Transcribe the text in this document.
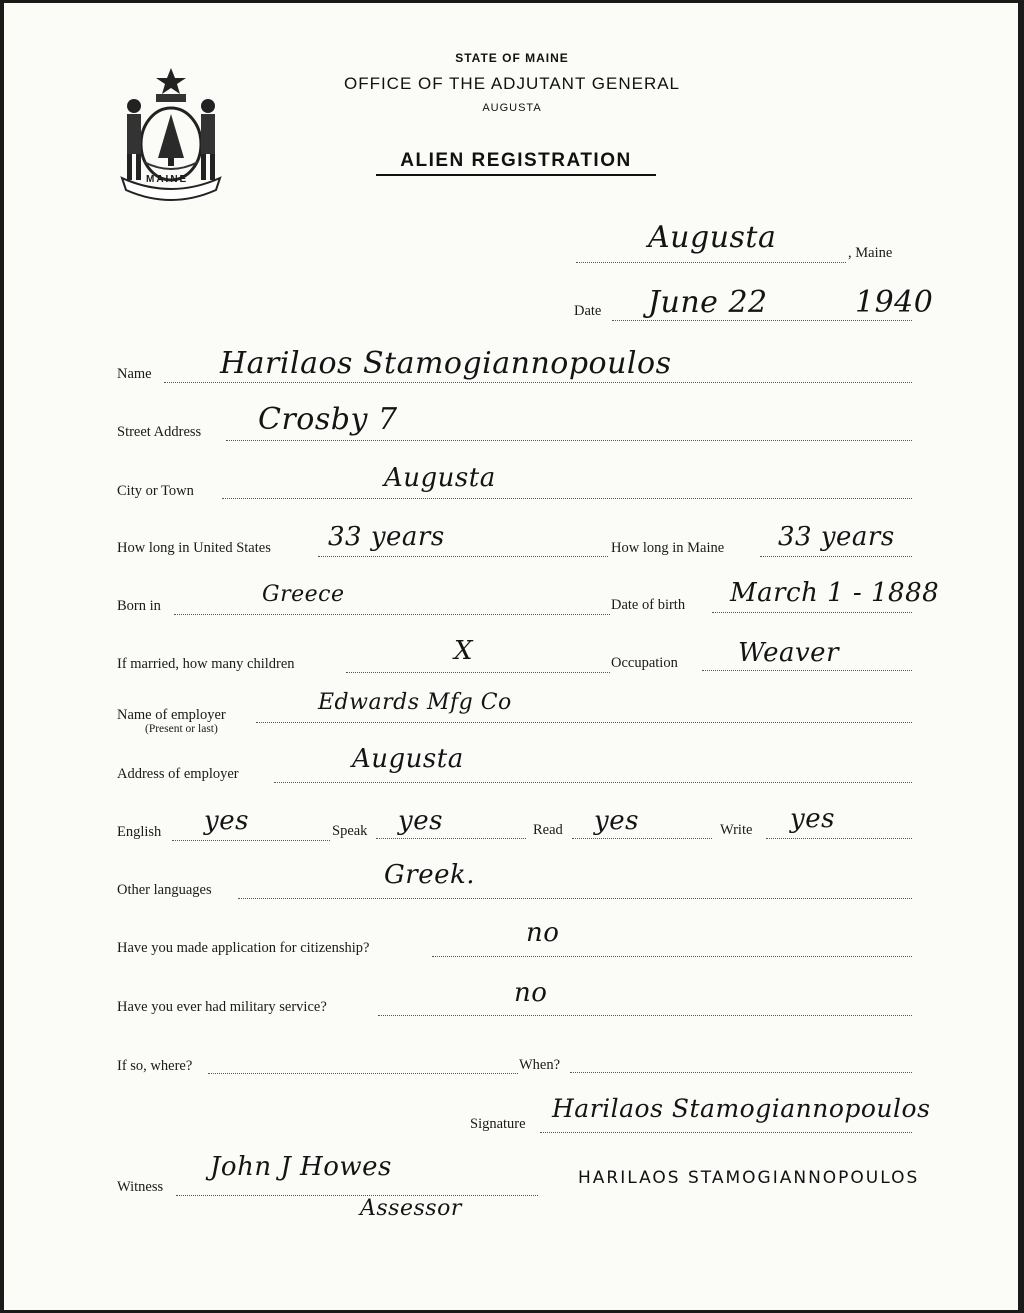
MAINE
STATE OF MAINE
OFFICE OF THE ADJUTANT GENERAL
AUGUSTA
ALIEN REGISTRATION
Augusta	, Maine
Date June 22	1940
Name Harilaos Stamogiannopoulos
Street Address Crosby 7
City or Town	Augusta
How long in United States 33 years	How long in Maine 33 years
Born in	Greece	Date of birth March 1 - 1888
If married, how many children	X	Occupation Weaver
Name of employer
(Present or last)
Edwards Mfg Co
Address of employer	Augusta
English yes	Speak yes	Read yes	Write yes
Other languages	Greek.
Have you made application for citizenship?	no
Have you ever had military service?	no
If so, where?	When?
Signature
Harilaos Stamogiannopoulos
Witness
John J Howes
Assessor
HARILAOS STAMOGIANNOPOULOS
